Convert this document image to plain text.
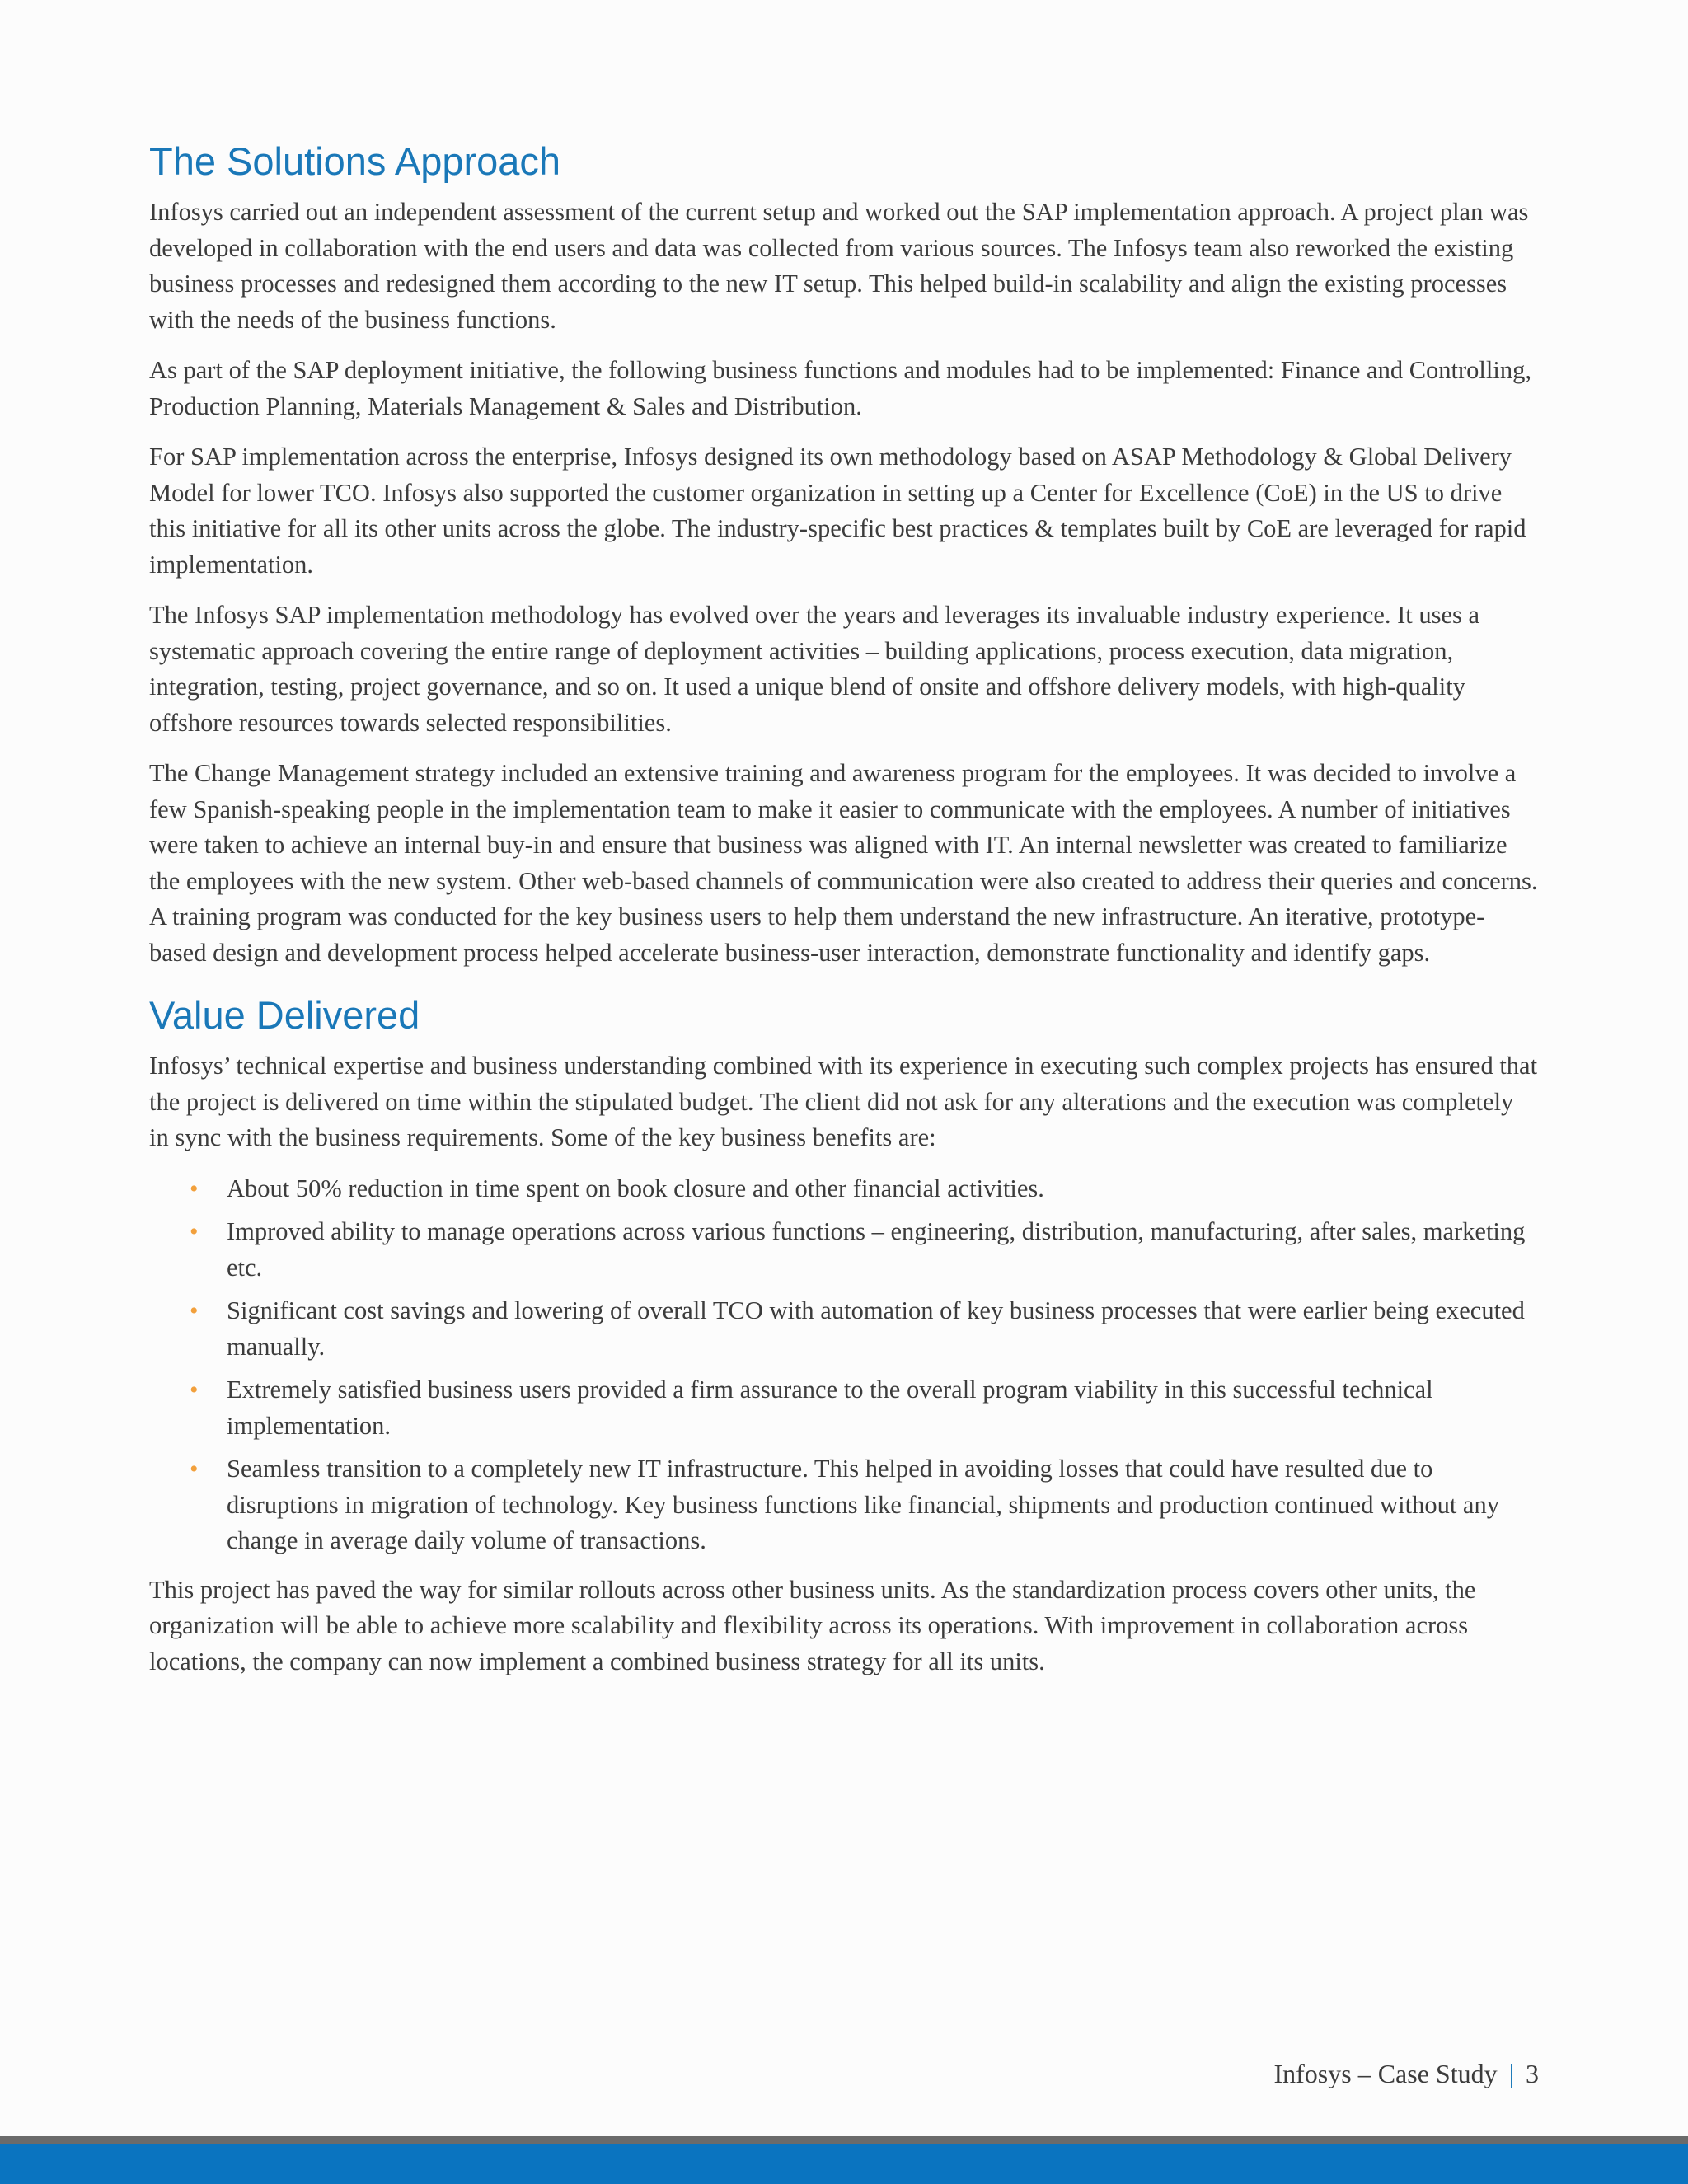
The Solutions Approach

Infosys carried out an independent assessment of the current setup and worked out the SAP implementation approach. A project plan was developed in collaboration with the end users and data was collected from various sources. The Infosys team also reworked the existing business processes and redesigned them according to the new IT setup. This helped build-in scalability and align the existing processes with the needs of the business functions.

As part of the SAP deployment initiative, the following business functions and modules had to be implemented: Finance and Controlling, Production Planning, Materials Management & Sales and Distribution.

For SAP implementation across the enterprise, Infosys designed its own methodology based on ASAP Methodology & Global Delivery Model for lower TCO. Infosys also supported the customer organization in setting up a Center for Excellence (CoE) in the US to drive this initiative for all its other units across the globe. The industry-specific best practices & templates built by CoE are leveraged for rapid implementation.

The Infosys SAP implementation methodology has evolved over the years and leverages its invaluable industry experience. It uses a systematic approach covering the entire range of deployment activities – building applications, process execution, data migration, integration, testing, project governance, and so on. It used a unique blend of onsite and offshore delivery models, with high-quality offshore resources towards selected responsibilities.

The Change Management strategy included an extensive training and awareness program for the employees. It was decided to involve a few Spanish-speaking people in the implementation team to make it easier to communicate with the employees. A number of initiatives were taken to achieve an internal buy-in and ensure that business was aligned with IT. An internal newsletter was created to familiarize the employees with the new system. Other web-based channels of communication were also created to address their queries and concerns. A training program was conducted for the key business users to help them understand the new infrastructure. An iterative, prototype-based design and development process helped accelerate business-user interaction, demonstrate functionality and identify gaps.

Value Delivered

Infosys’ technical expertise and business understanding combined with its experience in executing such complex projects has ensured that the project is delivered on time within the stipulated budget. The client did not ask for any alterations and the execution was completely in sync with the business requirements. Some of the key business benefits are:

• About 50% reduction in time spent on book closure and other financial activities.
• Improved ability to manage operations across various functions – engineering, distribution, manufacturing, after sales, marketing etc.
• Significant cost savings and lowering of overall TCO with automation of key business processes that were earlier being executed manually.
• Extremely satisfied business users provided a firm assurance to the overall program viability in this successful technical implementation.
• Seamless transition to a completely new IT infrastructure. This helped in avoiding losses that could have resulted due to disruptions in migration of technology. Key business functions like financial, shipments and production continued without any change in average daily volume of transactions.

This project has paved the way for similar rollouts across other business units. As the standardization process covers other units, the organization will be able to achieve more scalability and flexibility across its operations. With improvement in collaboration across locations, the company can now implement a combined business strategy for all its units.

Infosys – Case Study | 3
